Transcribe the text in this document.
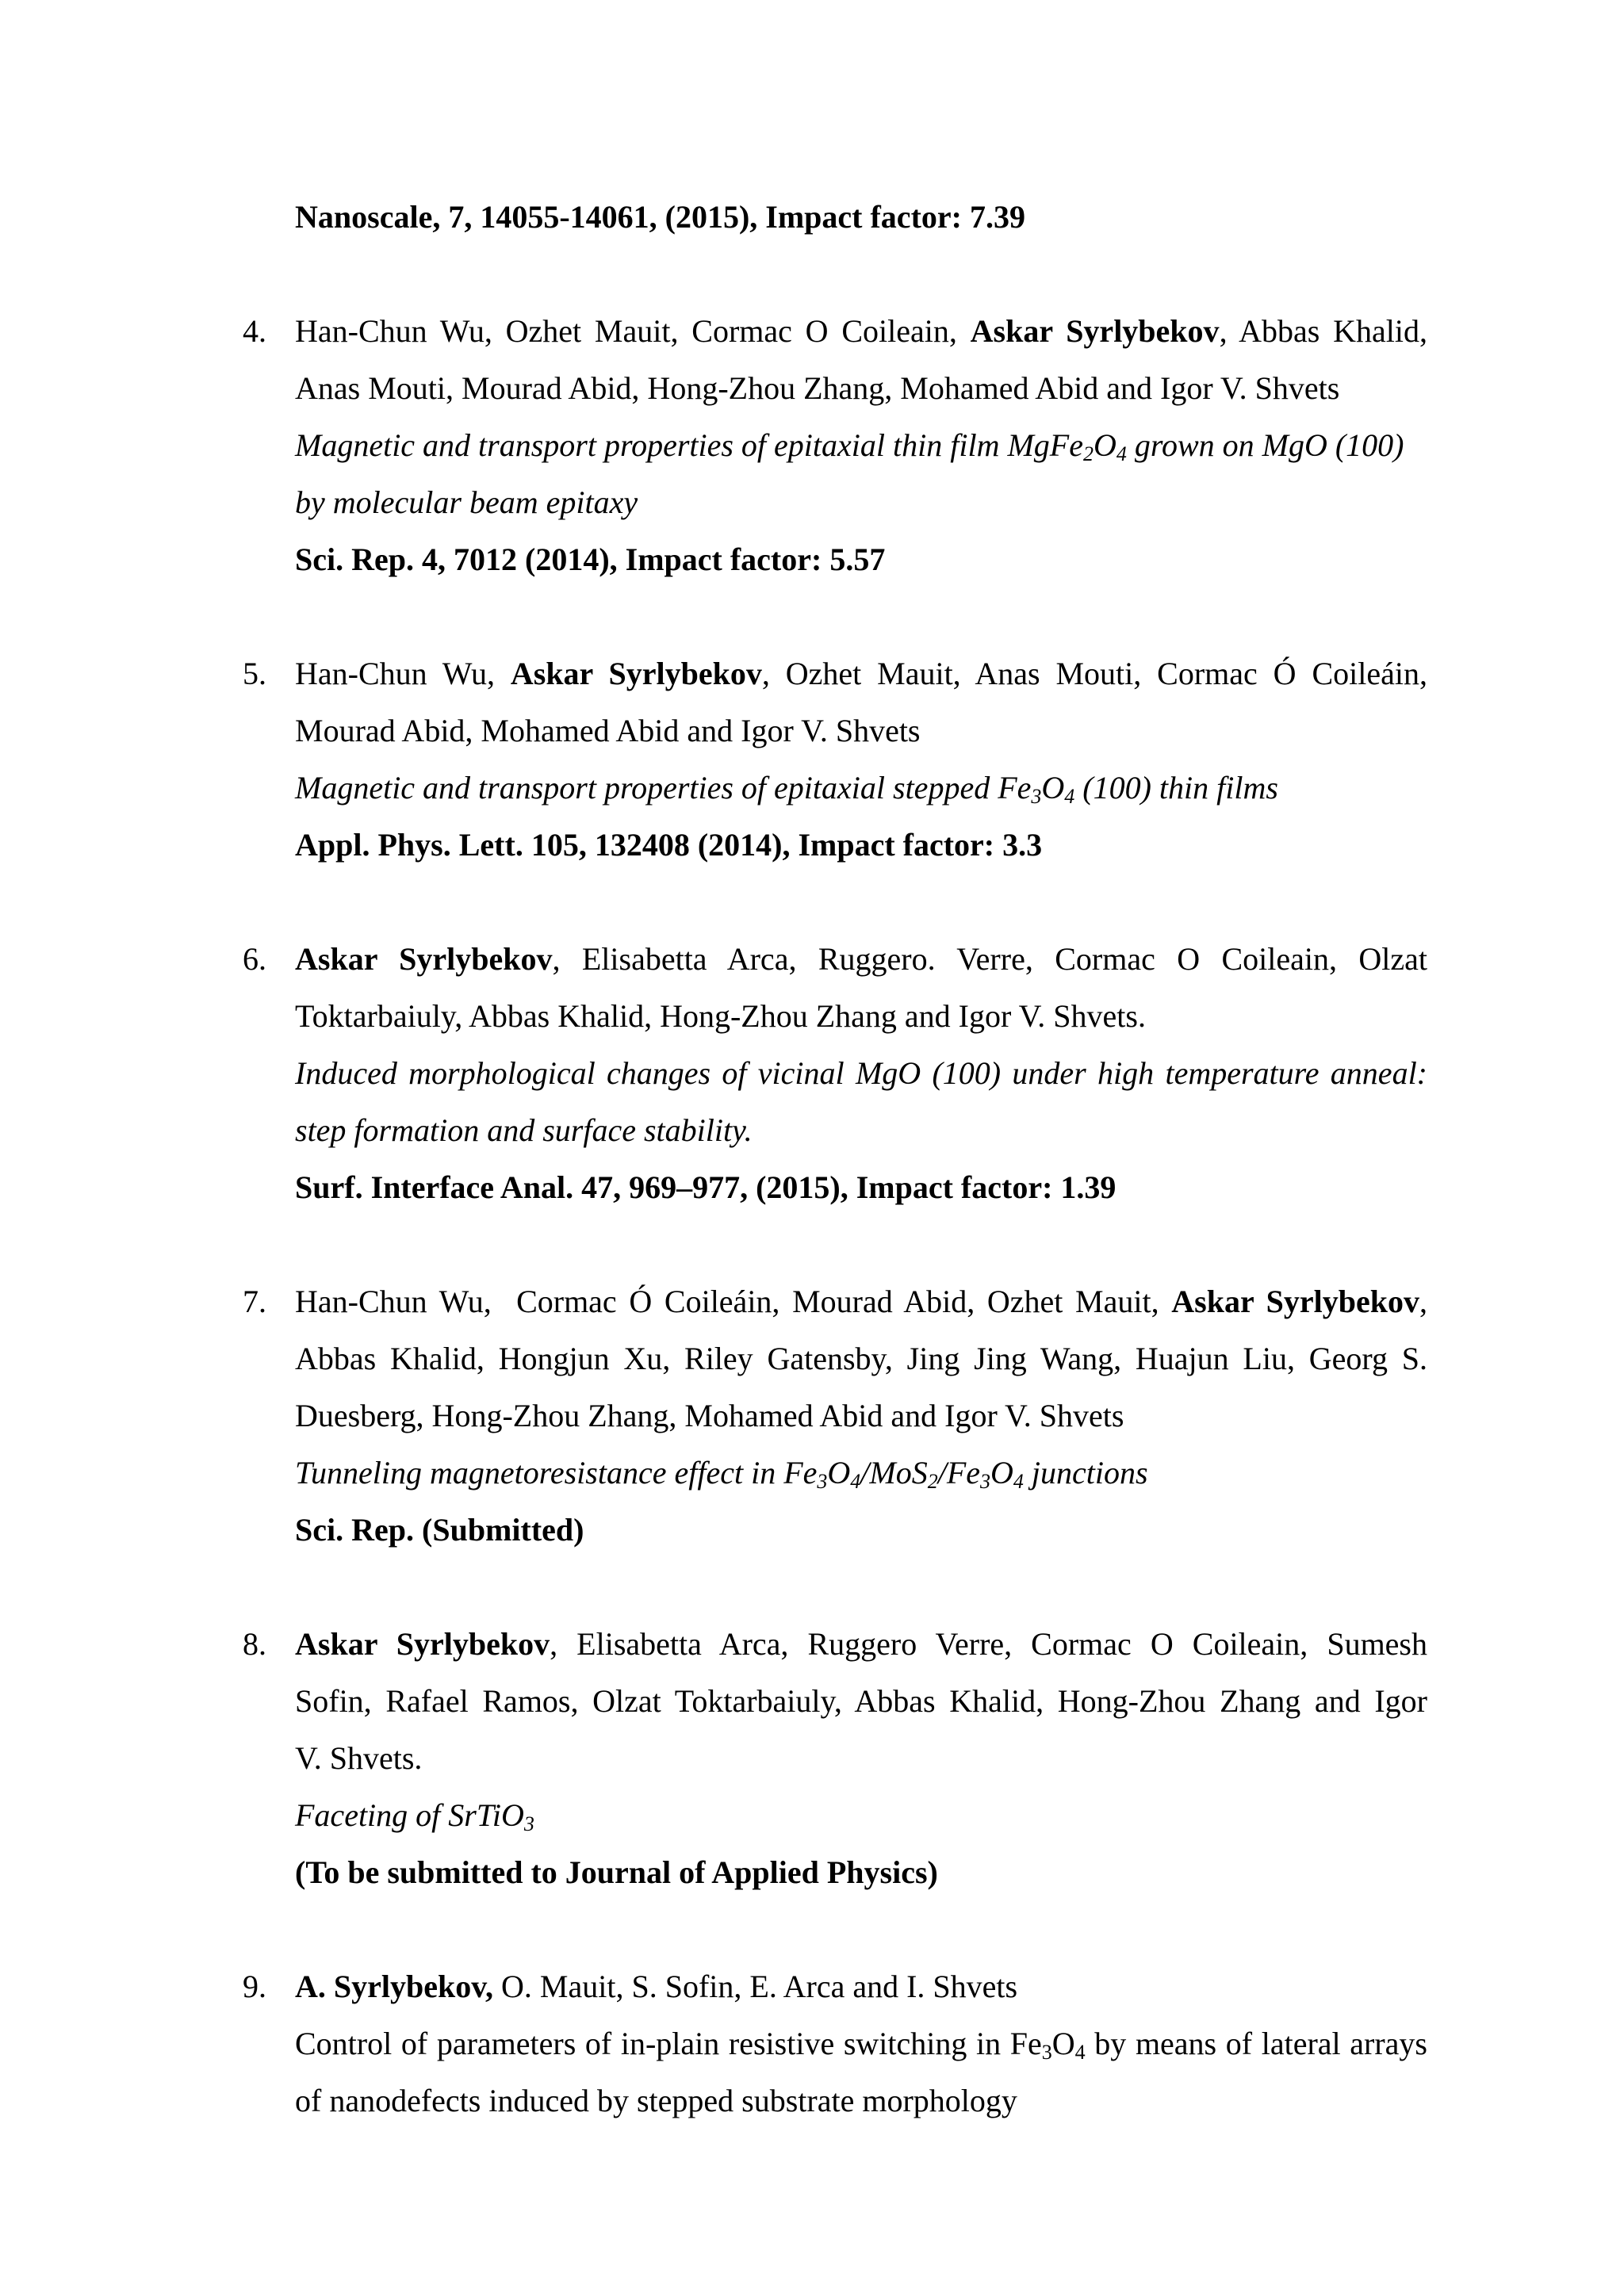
Nanoscale, 7, 14055-14061, (2015), Impact factor: 7.39
4. Han-Chun Wu, Ozhet Mauit, Cormac O Coileain, Askar Syrlybekov, Abbas Khalid,
Anas Mouti, Mourad Abid, Hong-Zhou Zhang, Mohamed Abid and Igor V. Shvets
Magnetic and transport properties of epitaxial thin film $MgFe_2O_4$ grown on MgO (100)
by molecular beam epitaxy
Sci. Rep. 4, 7012 (2014), Impact factor: 5.57
5. Han-Chun Wu, Askar Syrlybekov, Ozhet Mauit, Anas Mouti, Cormac Ó Coileáin,
Mourad Abid, Mohamed Abid and Igor V. Shvets
Magnetic and transport properties of epitaxial stepped $Fe_3O_4$ (100) thin films
Appl. Phys. Lett. 105, 132408 (2014), Impact factor: 3.3
6. Askar Syrlybekov, Elisabetta Arca, Ruggero. Verre, Cormac O Coileain, Olzat
Toktarbaiuly, Abbas Khalid, Hong-Zhou Zhang and Igor V. Shvets.
Induced morphological changes of vicinal MgO (100) under high temperature anneal:
step formation and surface stability.
Surf. Interface Anal. 47, 969–977, (2015), Impact factor: 1.39
7. Han-Chun Wu,  Cormac Ó Coileáin, Mourad Abid, Ozhet Mauit, Askar Syrlybekov,
Abbas Khalid, Hongjun Xu, Riley Gatensby, Jing Jing Wang, Huajun Liu, Georg S.
Duesberg, Hong-Zhou Zhang, Mohamed Abid and Igor V. Shvets
Tunneling magnetoresistance effect in $Fe_3O_4/MoS_2/Fe_3O_4$ junctions
Sci. Rep. (Submitted)
8. Askar Syrlybekov, Elisabetta Arca, Ruggero Verre, Cormac O Coileain, Sumesh
Sofin, Rafael Ramos, Olzat Toktarbaiuly, Abbas Khalid, Hong-Zhou Zhang and Igor
V. Shvets.
Faceting of SrTiO$_3$
(To be submitted to Journal of Applied Physics)
9. A. Syrlybekov, O. Mauit, S. Sofin, E. Arca and I. Shvets
Control of parameters of in-plain resistive switching in $Fe_3O_4$ by means of lateral arrays
of nanodefects induced by stepped substrate morphology
